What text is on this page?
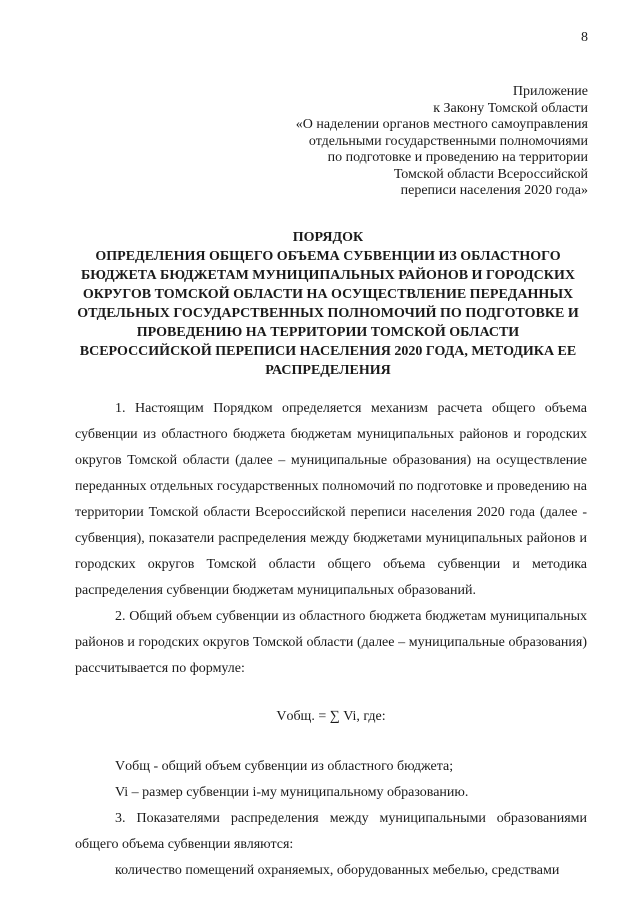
8
Приложение
к Закону Томской области
«О наделении органов местного самоуправления
отдельными государственными полномочиями
по подготовке и проведению на территории
Томской области Всероссийской
переписи населения 2020 года»
ПОРЯДОК
ОПРЕДЕЛЕНИЯ ОБЩЕГО ОБЪЕМА СУБВЕНЦИИ ИЗ ОБЛАСТНОГО БЮДЖЕТА БЮДЖЕТАМ МУНИЦИПАЛЬНЫХ РАЙОНОВ И ГОРОДСКИХ ОКРУГОВ ТОМСКОЙ ОБЛАСТИ НА ОСУЩЕСТВЛЕНИЕ ПЕРЕДАННЫХ ОТДЕЛЬНЫХ ГОСУДАРСТВЕННЫХ ПОЛНОМОЧИЙ ПО ПОДГОТОВКЕ И ПРОВЕДЕНИЮ НА ТЕРРИТОРИИ ТОМСКОЙ ОБЛАСТИ ВСЕРОССИЙСКОЙ ПЕРЕПИСИ НАСЕЛЕНИЯ 2020 ГОДА, МЕТОДИКА ЕЕ РАСПРЕДЕЛЕНИЯ

1. Настоящим Порядком определяется механизм расчета общего объема субвенции из областного бюджета бюджетам муниципальных районов и городских округов Томской области (далее – муниципальные образования) на осуществление переданных отдельных государственных полномочий по подготовке и проведению на территории Томской области Всероссийской переписи населения 2020 года (далее - субвенция), показатели распределения между бюджетами муниципальных районов и городских округов Томской области общего объема субвенции и методика распределения субвенции бюджетам муниципальных образований.

2. Общий объем субвенции из областного бюджета бюджетам муниципальных районов и городских округов Томской области (далее – муниципальные образования) рассчитывается по формуле:

Vобщ. = ∑ Vi, где:

Vобщ - общий объем субвенции из областного бюджета;

Vi – размер субвенции i-му муниципальному образованию.

3. Показателями распределения между муниципальными образованиями общего объема субвенции являются:

количество помещений охраняемых, оборудованных мебелью, средствами
